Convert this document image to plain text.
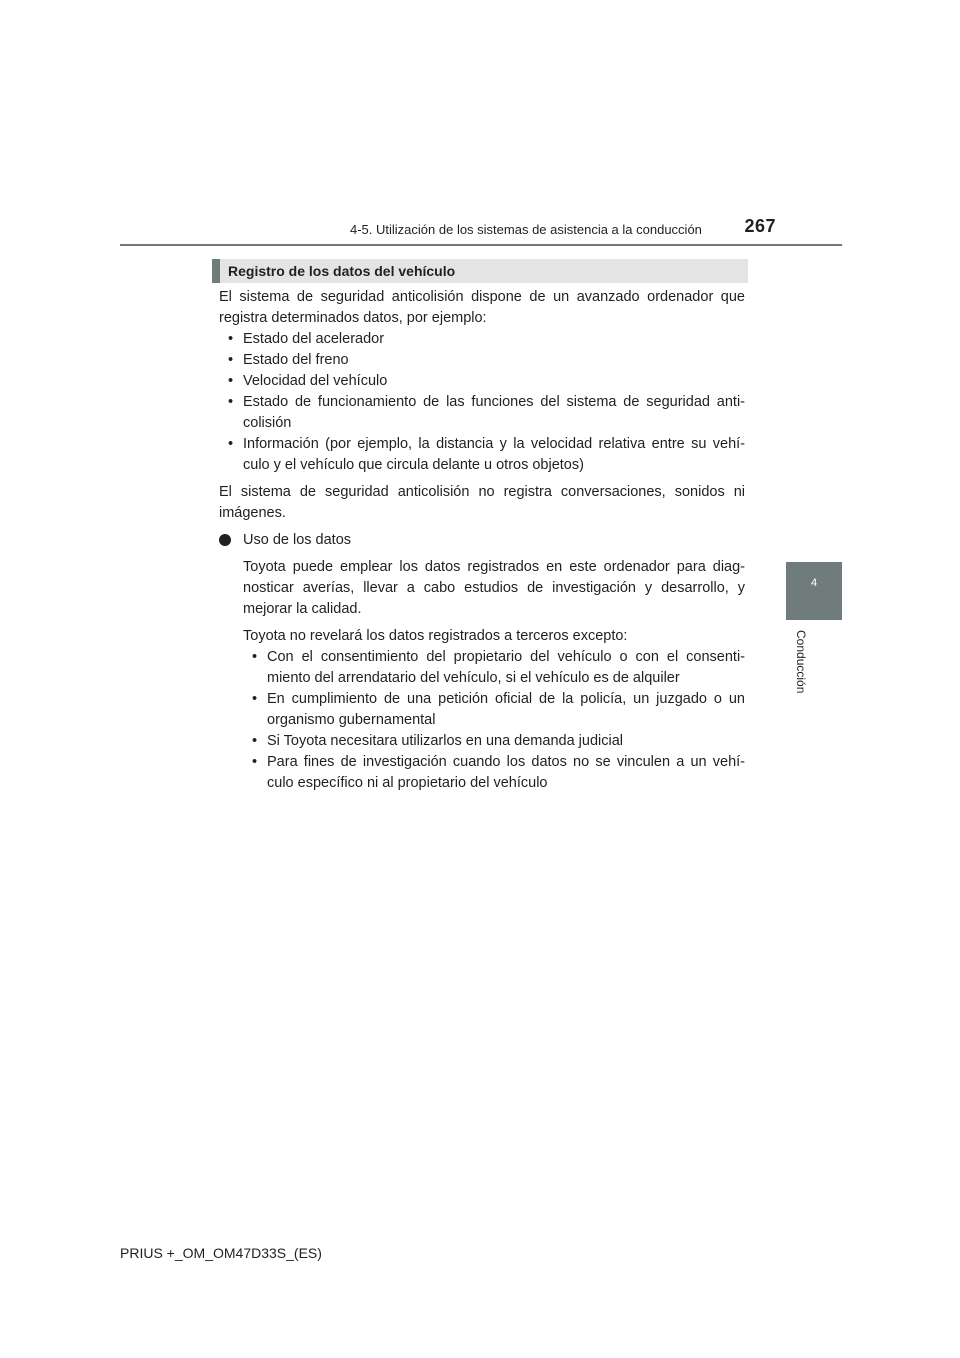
4-5. Utilización de los sistemas de asistencia a la conducción 267
4
Conducción
Registro de los datos del vehículo

El sistema de seguridad anticolisión dispone de un avanzado ordenador que registra determinados datos, por ejemplo:

• Estado del acelerador
• Estado del freno
• Velocidad del vehículo
• Estado de funcionamiento de las funciones del sistema de seguridad anti-colisión
• Información (por ejemplo, la distancia y la velocidad relativa entre su vehí-culo y el vehículo que circula delante u otros objetos)

El sistema de seguridad anticolisión no registra conversaciones, sonidos ni imágenes.

Uso de los datos

Toyota puede emplear los datos registrados en este ordenador para diag-nosticar averías, llevar a cabo estudios de investigación y desarrollo, y mejorar la calidad.

Toyota no revelará los datos registrados a terceros excepto:

• Con el consentimiento del propietario del vehículo o con el consenti-miento del arrendatario del vehículo, si el vehículo es de alquiler
• En cumplimiento de una petición oficial de la policía, un juzgado o un organismo gubernamental
• Si Toyota necesitara utilizarlos en una demanda judicial
• Para fines de investigación cuando los datos no se vinculen a un vehí-culo específico ni al propietario del vehículo
PRIUS +_OM_OM47D33S_(ES)
